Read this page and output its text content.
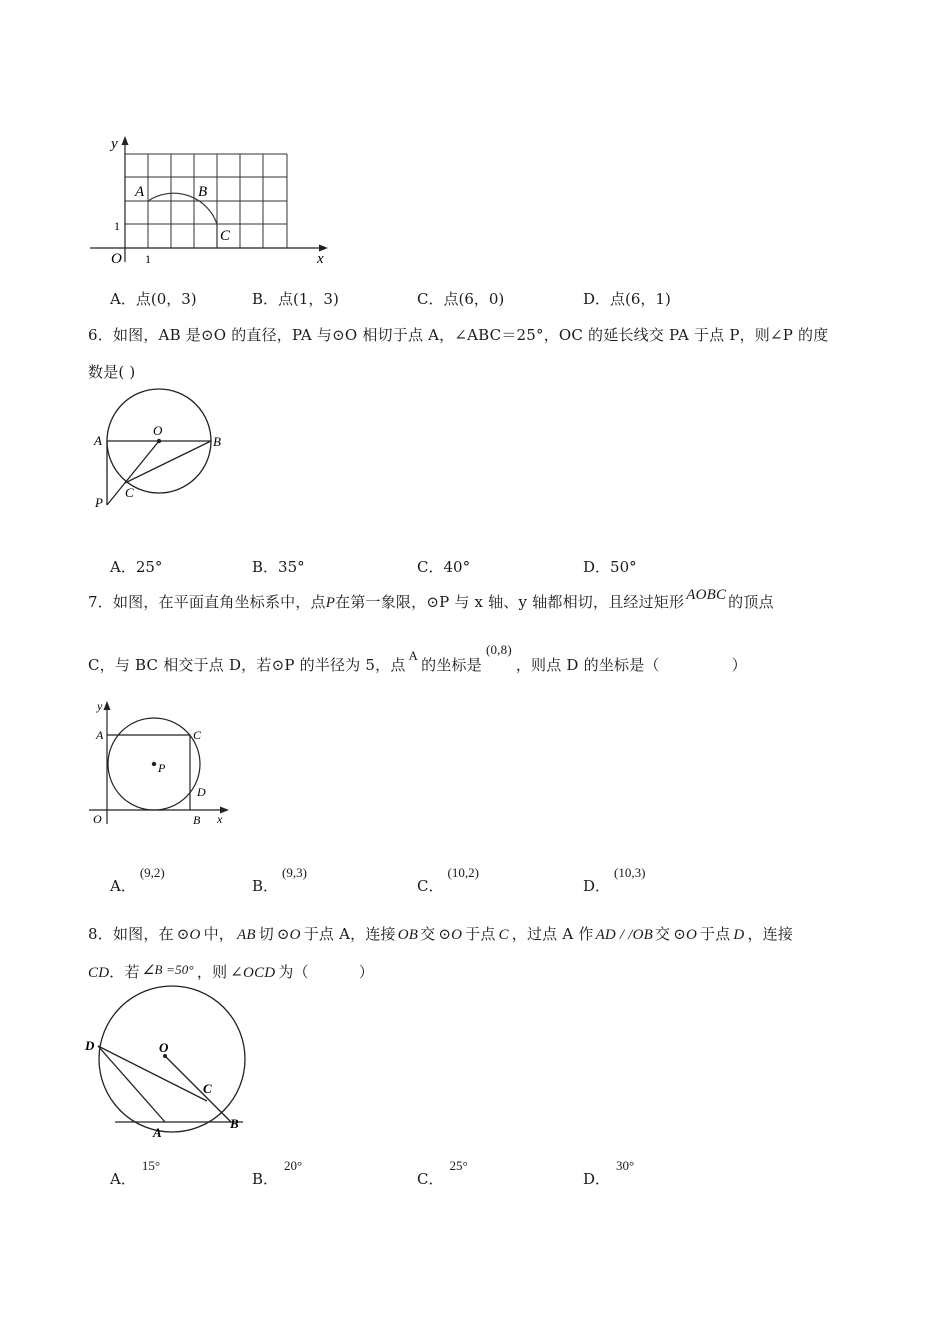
y
x
O 1
1
A	B
C
A．点(0，3)	B．点(1，3)	C．点(6，0)	D．点(6，1)
6．如图，AB 是⊙O 的直径，PA 与⊙O 相切于点 A，∠ABC＝25°，OC 的延长线交 PA 于点 P，则∠P 的度
数是( )
A
O
B
C
P
A．25°	B．35°	C．40°	D．50°
7．如图，在平面直角坐标系中，点P在第一象限，⊙P 与 x 轴、y 轴都相切，且经过矩形 AOBC 的顶点
C，与 BC 相交于点 D，若⊙P 的半径为 5，点A的坐标是(0,8)，则点 D 的坐标是（	）
y
x
A	C
P
D
O	B
A．(9,2)
B．(9,3)
C．(10,2)
D．(10,3)
8．如图，在 ⊙O 中， AB 切 ⊙O 于点 A，连接 OB 交 ⊙O 于点 C ，过点 A 作 AD / /OB 交 ⊙O 于点 D ，连接
CD．若 ∠B =50° ，则 ∠OCD 为（	）
D	O
C
A
B
A．15°
B．20°
C．25°
D．30°
